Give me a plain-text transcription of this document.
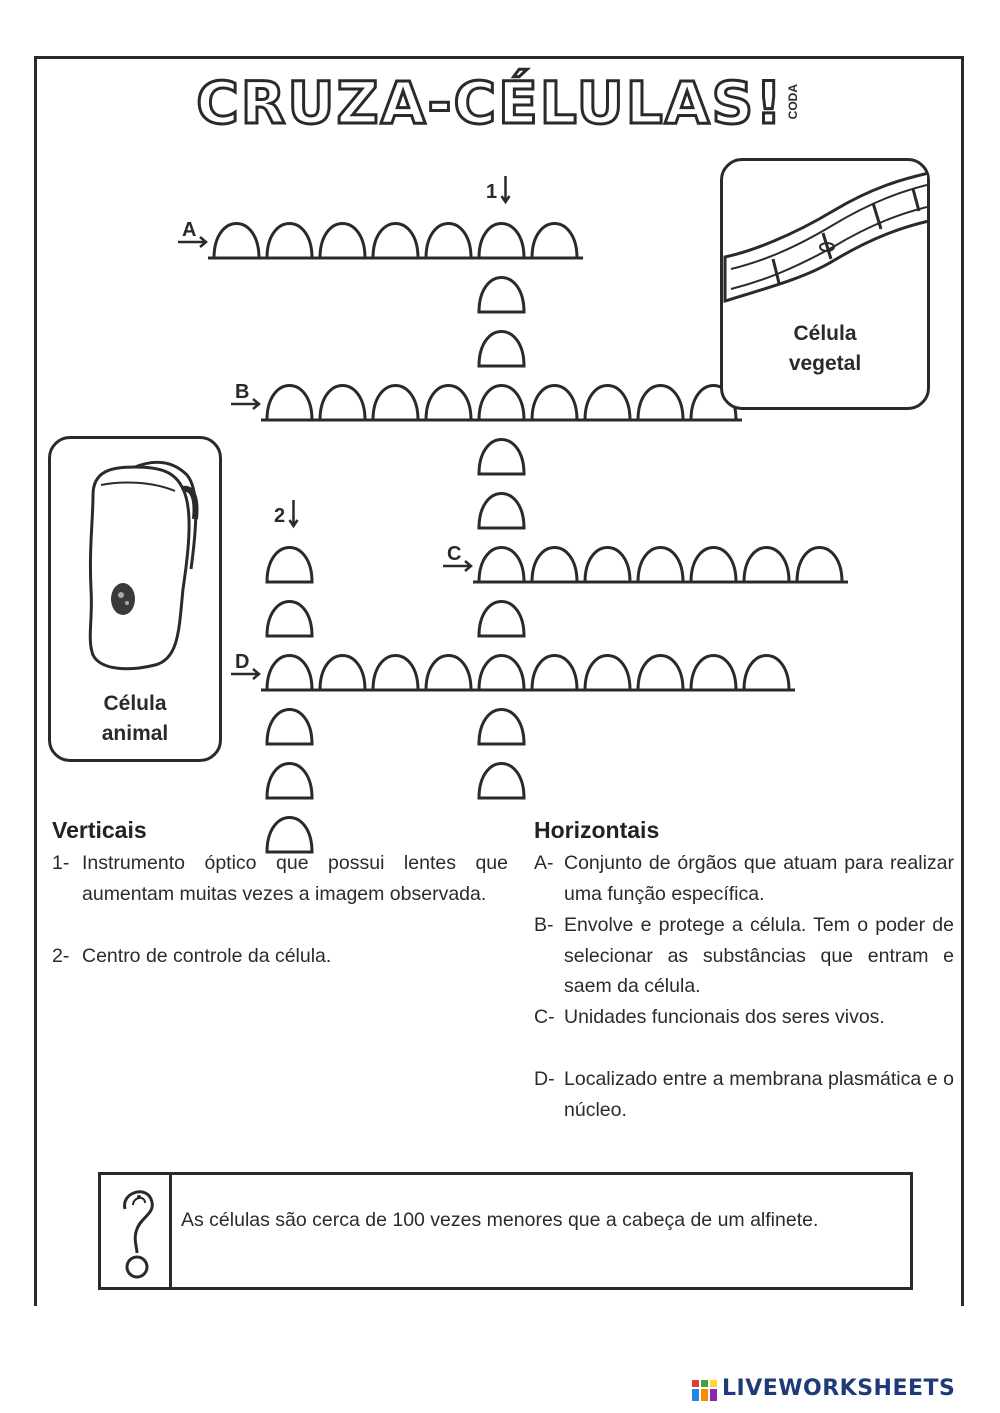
CRUZA-CÉLULAS! CODA
A
B
C
D
1
2
Célula
vegetal
Célula
animal
Verticais
1- Instrumento óptico que possui lentes que aumentam muitas vezes a imagem observada.
2- Centro de controle da célula.
Horizontais
A- Conjunto de órgãos que atuam para realizar uma função específica.
B- Envolve e protege a célula. Tem o poder de selecionar as substâncias que entram e saem da célula.
C- Unidades funcionais dos seres vivos.
D- Localizado entre a membrana plasmática e o núcleo.
As células são cerca de 100 vezes menores que a cabeça de um alfinete.
LIVEWORKSHEETS
